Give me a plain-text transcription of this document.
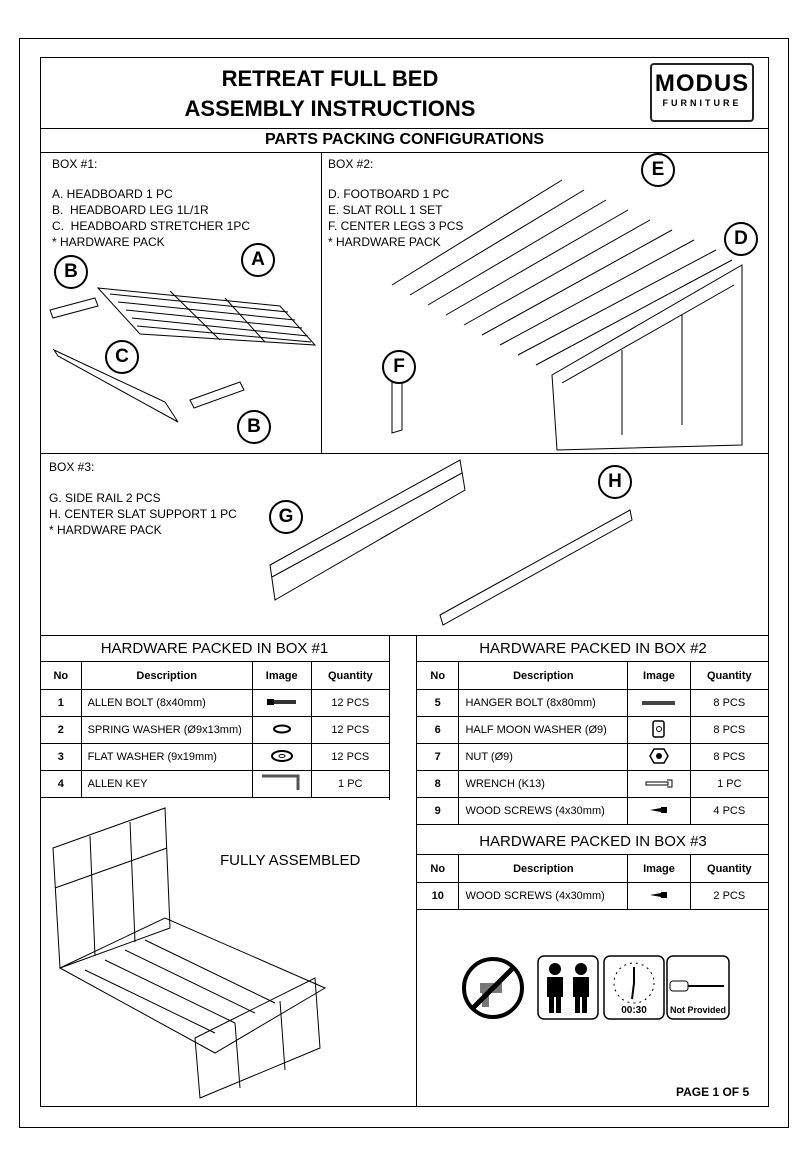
RETREAT FULL BED
ASSEMBLY INSTRUCTIONS
MODUS
FURNITURE
PARTS PACKING CONFIGURATIONS
BOX #1:
A. HEADBOARD 1 PC
B.  HEADBOARD LEG 1L/1R
C.  HEADBOARD STRETCHER 1PC
* HARDWARE PACK
B
A
C
B
BOX #2:
D. FOOTBOARD 1 PC
E. SLAT ROLL 1 SET
F. CENTER LEGS 3 PCS
* HARDWARE PACK
E
D
F
BOX #3:
G. SIDE RAIL 2 PCS
H. CENTER SLAT SUPPORT 1 PC
* HARDWARE PACK
G
H
HARDWARE PACKED IN BOX #1
No	Description	Image	Quantity
1	ALLEN BOLT (8x40mm)		12 PCS
2	SPRING WASHER (Ø9x13mm)		12 PCS
3	FLAT WASHER (9x19mm)		12 PCS
4	ALLEN KEY		1 PC
HARDWARE PACKED IN BOX #2
No	Description	Image	Quantity
5	HANGER BOLT (8x80mm)		8 PCS
6	HALF MOON WASHER (Ø9)		8 PCS
7	NUT (Ø9)		8 PCS
8	WRENCH (K13)		1 PC
9	WOOD SCREWS (4x30mm)		4 PCS
HARDWARE PACKED IN BOX #3
No	Description	Image	Quantity
10	WOOD SCREWS (4x30mm)		2 PCS
FULLY ASSEMBLED
00:30	Not Provided
PAGE 1 OF 5
